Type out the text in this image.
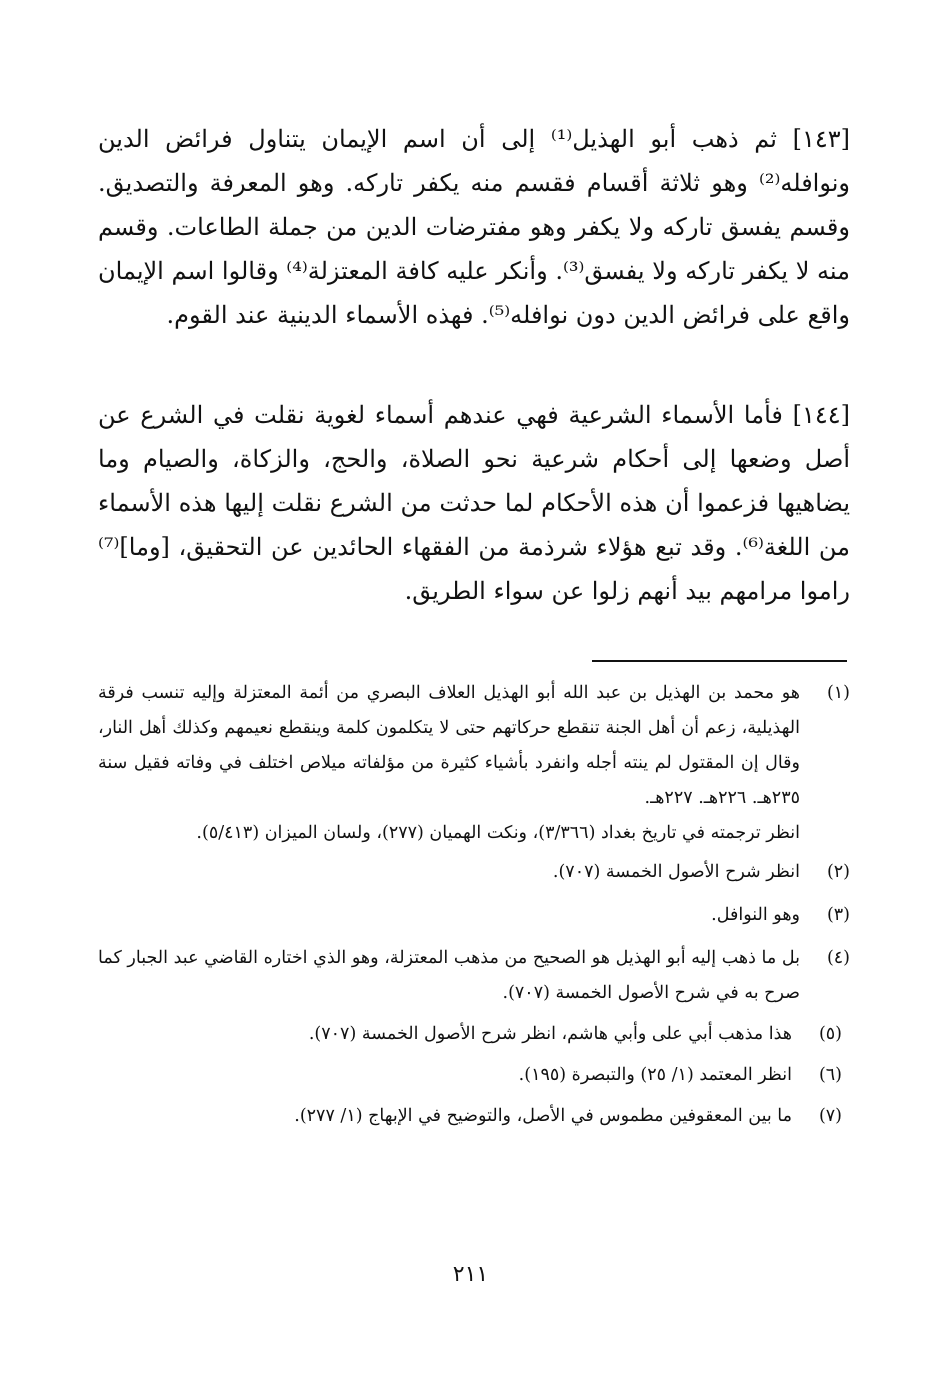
[١٤٣] ثم ذهب أبو الهذيل⁽¹⁾ إلى أن اسم الإيمان يتناول فرائض الدين ونوافله⁽²⁾ وهو ثلاثة أقسام فقسم منه يكفر تاركه. وهو المعرفة والتصديق. وقسم يفسق تاركه ولا يكفر وهو مفترضات الدين من جملة الطاعات. وقسم منه لا يكفر تاركه ولا يفسق⁽³⁾. وأنكر عليه كافة المعتزلة⁽⁴⁾ وقالوا اسم الإيمان واقع على فرائض الدين دون نوافله⁽⁵⁾. فهذه الأسماء الدينية عند القوم.
[١٤٤] فأما الأسماء الشرعية فهي عندهم أسماء لغوية نقلت في الشرع عن أصل وضعها إلى أحكام شرعية نحو الصلاة، والحج، والزكاة، والصيام وما يضاهيها فزعموا أن هذه الأحكام لما حدثت من الشرع نقلت إليها هذه الأسماء من اللغة⁽⁶⁾. وقد تبع هؤلاء شرذمة من الفقهاء الحائدين عن التحقيق، [وما]⁽⁷⁾ راموا مرامهم بيد أنهم زلوا عن سواء الطريق.
(١)
هو محمد بن الهذيل بن عبد الله أبو الهذيل العلاف البصري من أئمة المعتزلة وإليه تنسب فرقة الهذيلية، زعم أن أهل الجنة تنقطع حركاتهم حتى لا يتكلمون كلمة وينقطع نعيمهم وكذلك أهل النار، وقال إن المقتول لم ينته أجله وانفرد بأشياء كثيرة من مؤلفاته ميلاص اختلف في وفاته فقيل سنة ٢٣٥هـ. ٢٢٦هـ. ٢٢٧هـ.
انظر ترجمته في تاريخ بغداد (٣/٣٦٦)، ونكت الهميان (٢٧٧)، ولسان الميزان (٥/٤١٣).
(٢)
انظر شرح الأصول الخمسة (٧٠٧).
(٣)
وهو النوافل.
(٤)
بل ما ذهب إليه أبو الهذيل هو الصحيح من مذهب المعتزلة، وهو الذي اختاره القاضي عبد الجبار كما صرح به في شرح الأصول الخمسة (٧٠٧).
(٥)
هذا مذهب أبي على وأبي هاشم، انظر شرح الأصول الخمسة (٧٠٧).
(٦)
انظر المعتمد (١/ ٢٥) والتبصرة (١٩٥).
(٧)
ما بين المعقوفين مطموس في الأصل، والتوضيح في الإبهاج (١/ ٢٧٧).
٢١١
